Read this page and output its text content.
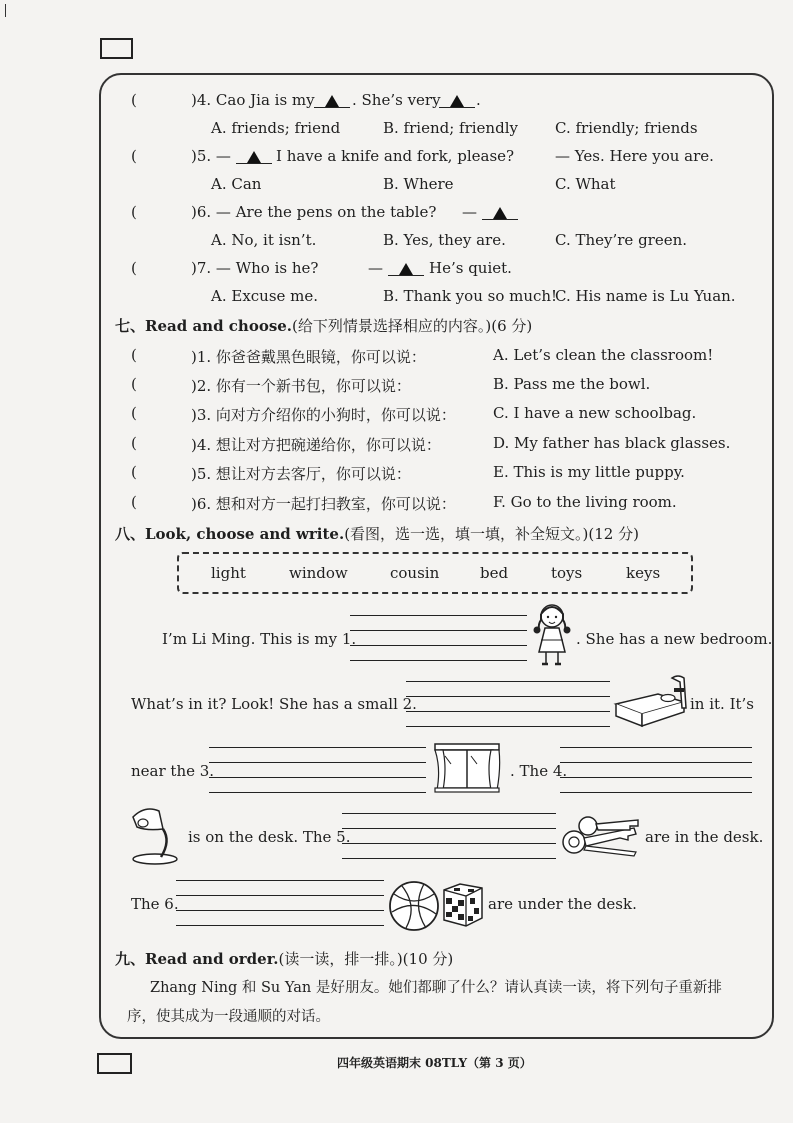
(	)4. Cao Jia is my . She’s very .
A. friends; friend	B. friend; friendly C. friendly; friends
(	)5. —	I have a knife and fork, please?	— Yes. Here you are.
A. Can	B. Where	C. What
(	)6. — Are the pens on the table? —
A. No, it isn’t.	B. Yes, they are.	C. They’re green.
(	)7. — Who is he?	—	He’s quiet.
A. Excuse me.	B. Thank you so much!
C. His name is Lu Yuan.
七、Read and choose.(给下列情景选择相应的内容。)(6 分)
(	)1. 你爸爸戴黑色眼镜，你可以说：	A. Let’s clean the classroom!
(	)2. 你有一个新书包，你可以说：	B. Pass me the bowl.
(	)3. 向对方介绍你的小狗时，你可以说： C. I have a new schoolbag.
(	)4. 想让对方把碗递给你，你可以说：	D. My father has black glasses.
(	)5. 想让对方去客厅，你可以说：	E. This is my little puppy.
(	)6. 想和对方一起打扫教室，你可以说： F. Go to the living room.
八、Look, choose and write.(看图，选一选，填一填，补全短文。)(12 分)
light	window	cousin	bed	toys	keys
I’m Li Ming. This is my 1.	. She has a new bedroom.
What’s in it? Look! She has a small 2.	in it. It’s
near the 3.	. The 4.
is on the desk. The 5.	are in the desk.
The 6.	are under the desk.
九、Read and order.(读一读，排一排。)(10 分)
Zhang Ning 和 Su Yan 是好朋友。她们都聊了什么？请认真读一读，将下列句子重新排
序，使其成为一段通顺的对话。
四年级英语期末 08TLY（第 3 页）
